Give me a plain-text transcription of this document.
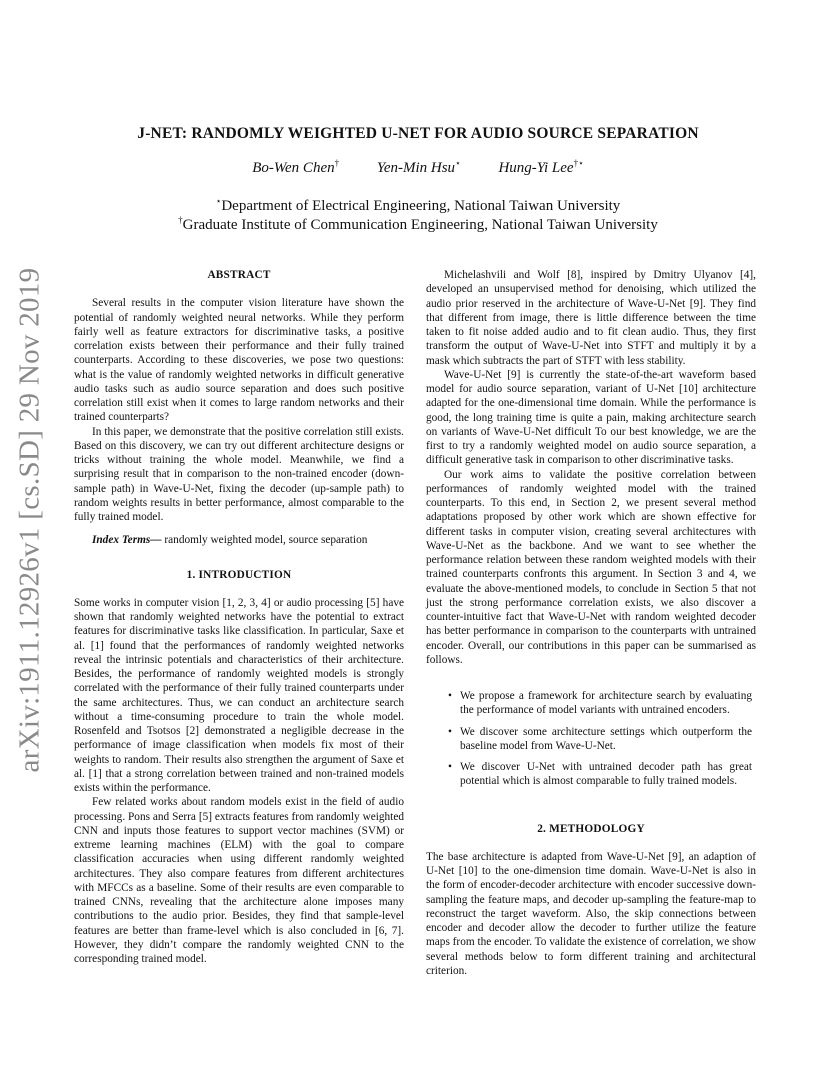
arXiv:1911.12926v1 [cs.SD] 29 Nov 2019
J-NET: RANDOMLY WEIGHTED U-NET FOR AUDIO SOURCE SEPARATION
Bo-Wen Chen†	Yen-Min Hsu⋆	Hung-Yi Lee†⋆
⋆Department of Electrical Engineering, National Taiwan University
†Graduate Institute of Communication Engineering, National Taiwan University
ABSTRACT

Several results in the computer vision literature have shown the potential of randomly weighted neural networks. While they perform fairly well as feature extractors for discriminative tasks, a positive correlation exists between their performance and their fully trained counterparts. According to these discoveries, we pose two questions: what is the value of randomly weighted networks in difficult generative audio tasks such as audio source separation and does such positive correlation still exist when it comes to large random networks and their trained counterparts?

In this paper, we demonstrate that the positive correlation still exists. Based on this discovery, we can try out different architecture designs or tricks without training the whole model. Meanwhile, we find a surprising result that in comparison to the non-trained encoder (down-sample path) in Wave-U-Net, fixing the decoder (up-sample path) to random weights results in better performance, almost comparable to the fully trained model.

Index Terms— randomly weighted model, source separation

1. INTRODUCTION

Some works in computer vision [1, 2, 3, 4] or audio processing [5] have shown that randomly weighted networks have the potential to extract features for discriminative tasks like classification. In particular, Saxe et al. [1] found that the performances of randomly weighted networks reveal the intrinsic potentials and characteristics of their architecture. Besides, the performance of randomly weighted models is strongly correlated with the performance of their fully trained counterparts under the same architectures. Thus, we can conduct an architecture search without a time-consuming procedure to train the whole model. Rosenfeld and Tsotsos [2] demonstrated a negligible decrease in the performance of image classification when models fix most of their weights to random. Their results also strengthen the argument of Saxe et al. [1] that a strong correlation between trained and non-trained models exists within the performance.

Few related works about random models exist in the field of audio processing. Pons and Serra [5] extracts features from randomly weighted CNN and inputs those features to support vector machines (SVM) or extreme learning machines (ELM) with the goal to compare classification accuracies when using different randomly weighted architectures. They also compare features from different architectures with MFCCs as a baseline. Some of their results are even comparable to trained CNNs, revealing that the architecture alone imposes many contributions to the audio prior. Besides, they find that sample-level features are better than frame-level which is also concluded in [6, 7]. However, they didn’t compare the randomly weighted CNN to the corresponding trained model.

Michelashvili and Wolf [8], inspired by Dmitry Ulyanov [4], developed an unsupervised method for denoising, which utilized the audio prior reserved in the architecture of Wave-U-Net [9]. They find that different from image, there is little difference between the time taken to fit noise added audio and to fit clean audio. Thus, they first transform the output of Wave-U-Net into STFT and multiply it by a mask which subtracts the part of STFT with less stability.

Wave-U-Net [9] is currently the state-of-the-art waveform based model for audio source separation, variant of U-Net [10] architecture adapted for the one-dimensional time domain. While the performance is good, the long training time is quite a pain, making architecture search on variants of Wave-U-Net difficult To our best knowledge, we are the first to try a randomly weighted model on audio source separation, a difficult generative task in comparison to other discriminative tasks.

Our work aims to validate the positive correlation between performances of randomly weighted model with the trained counterparts. To this end, in Section 2, we present several method adaptations proposed by other work which are shown effective for different tasks in computer vision, creating several architectures with Wave-U-Net as the backbone. And we want to see whether the performance relation between these random weighted models with their trained counterparts confronts this argument. In Section 3 and 4, we evaluate the above-mentioned models, to conclude in Section 5 that not just the strong performance correlation exists, we also discover a counter-intuitive fact that Wave-U-Net with random weighted decoder has better performance in comparison to the counterparts with untrained encoder. Overall, our contributions in this paper can be summarised as follows.

• We propose a framework for architecture search by evaluating the performance of model variants with untrained encoders.
• We discover some architecture settings which outperform the baseline model from Wave-U-Net.
• We discover U-Net with untrained decoder path has great potential which is almost comparable to fully trained models.
2. METHODOLOGY

The base architecture is adapted from Wave-U-Net [9], an adaption of U-Net [10] to the one-dimension time domain. Wave-U-Net is also in the form of encoder-decoder architecture with encoder successive down-sampling the feature maps, and decoder up-sampling the feature-map to reconstruct the target waveform. Also, the skip connections between encoder and decoder allow the decoder to further utilize the feature maps from the encoder. To validate the existence of correlation, we show several methods below to form different training and architectural criterion.
